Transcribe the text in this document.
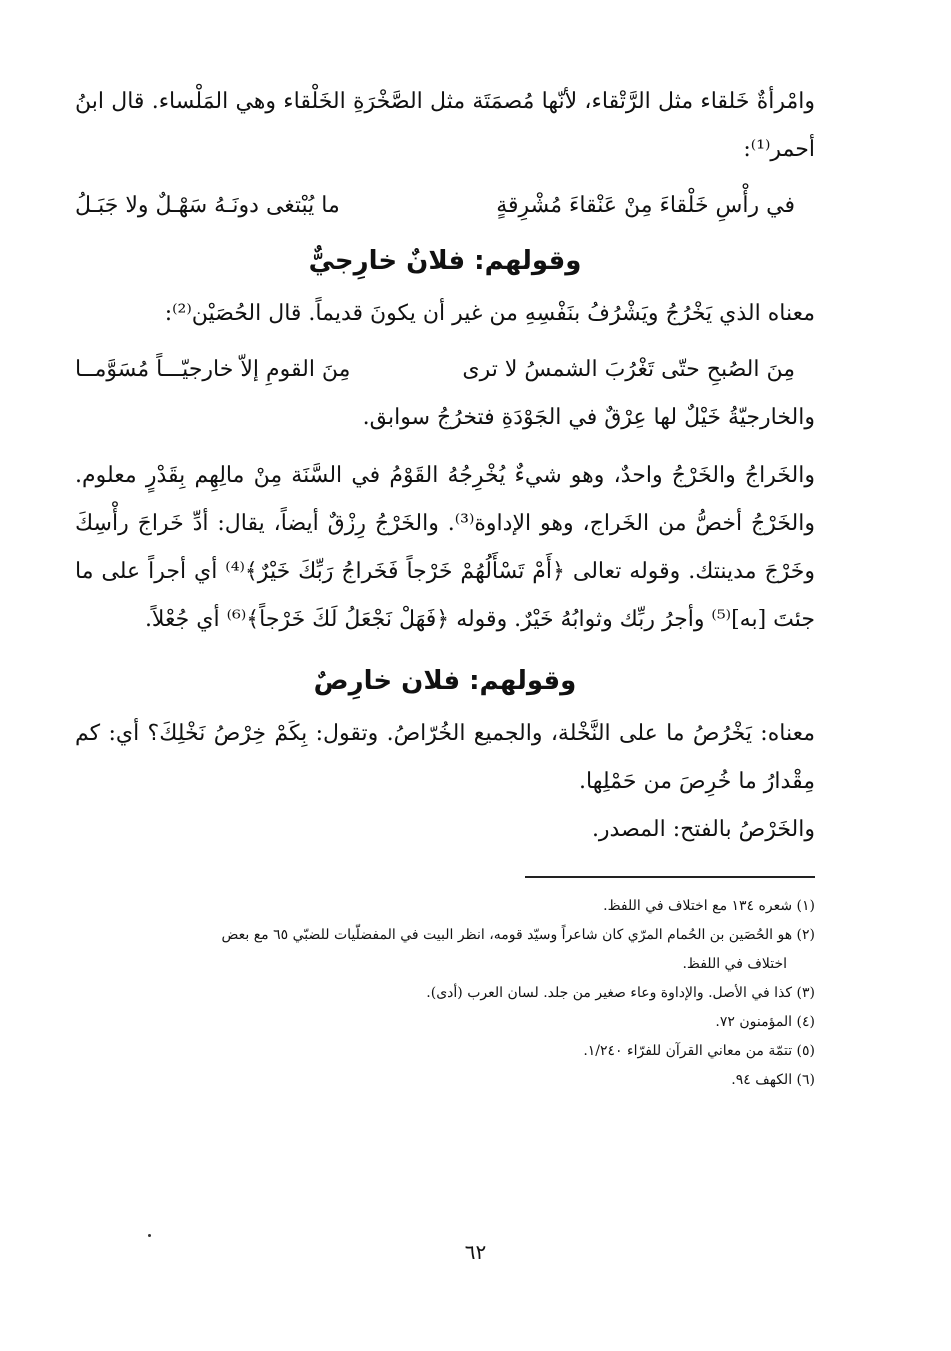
وامْرأةٌ خَلقاء مثل الرَّتْقاء، لأنّها مُصمَتَة مثل الصَّخْرَةِ الخَلْقاء وهي المَلْساء. قال ابنُ أحمر⁽¹⁾:

في رأْسِ خَلْقاءَ مِنْ عَنْقاءَ مُشْرِقةٍ
ما يُبْتغى دونَـهُ سَهْـلٌ ولا جَبَـلُ
وقولهم: فلانٌ خارِجيٌّ

معناه الذي يَخْرُجُ ويَشْرُفُ بنَفْسِهِ من غير أن يكونَ قديماً. قال الحُصَيْن⁽²⁾:

مِنَ الصُبحِ حتّى تَغْرُبَ الشمسُ لا ترى
مِنَ القومِ إلاّ خارجيّـــاً مُسَوَّمــا

والخارجيّةُ خَيْلٌ لها عِرْقٌ في الجَوْدَةِ فتخرُجُ سوابق.

والخَراجُ والخَرْجُ واحدٌ، وهو شيءٌ يُخْرِجُهُ القَوْمُ في السَّنَة مِنْ مالِهِم بِقَدْرٍ معلوم. والخَرْجُ أخصُّ من الخَراج، وهو الإداوة⁽³⁾. والخَرْجُ رِزْقٌ أيضاً، يقال: أدِّ خَراجَ رأْسِكَ وخَرْجَ مدينتك. وقوله تعالى ﴿أَمْ تَسْأَلُهُمْ خَرْجاً فَخَراجُ رَبِّكَ خَيْرٌ﴾⁽⁴⁾ أي أجراً على ما جئتَ [به]⁽⁵⁾ وأجرُ ربِّك وثوابُهُ خَيْرٌ. وقوله ﴿فَهَلْ نَجْعَلُ لَكَ خَرْجاً﴾⁽⁶⁾ أي جُعْلاً.

وقولهم: فلان خارِصٌ

معناه: يَخْرُصُ ما على النَّخْلة، والجميع الخُرّاصُ. وتقول: بِكَمْ خِرْصُ نَخْلِكَ؟ أي: كم مِقْدارُ ما خُرِصَ من حَمْلِها.

والخَرْصُ بالفتح: المصدر.

(١) شعره ١٣٤ مع اختلاف في اللفظ.

(٢) هو الحُصَين بن الحُمام المرّي كان شاعراً وسيّد قومه، انظر البيت في المفضلّيات للضبّي ٦٥ مع بعض

اختلاف في اللفظ.

(٣) كذا في الأصل. والإداوة وعاء صغير من جلد. لسان العرب (أدى).

(٤) المؤمنون ٧٢.

(٥) تتمّة من معاني القرآن للفرّاء ١/٢٤٠.

(٦) الكهف ٩٤.

٦٢
